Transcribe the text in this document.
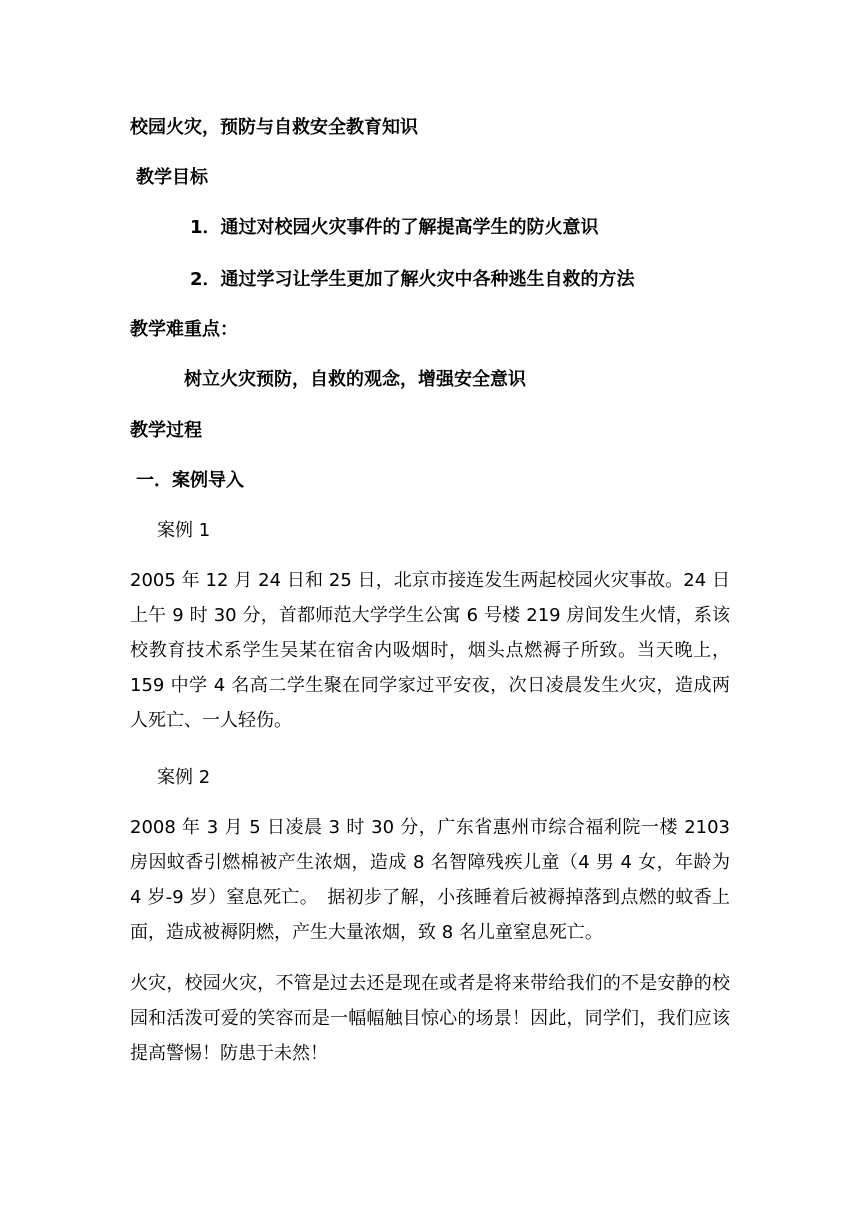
校园火灾，预防与自救安全教育知识
教学目标
1．通过对校园火灾事件的了解提高学生的防火意识
2．通过学习让学生更加了解火灾中各种逃生自救的方法
教学难重点：
树立火灾预防，自救的观念，增强安全意识
教学过程
一．案例导入
案例 1
2005 年 12 月 24 日和 25 日，北京市接连发生两起校园火灾事故。24 日上午 9 时 30 分，首都师范大学学生公寓 6 号楼 219 房间发生火情，系该校教育技术系学生吴某在宿舍内吸烟时，烟头点燃褥子所致。当天晚上，159 中学 4 名高二学生聚在同学家过平安夜，次日凌晨发生火灾，造成两人死亡、一人轻伤。
案例 2
2008 年 3 月 5 日凌晨 3 时 30 分，广东省惠州市综合福利院一楼 2103 房因蚊香引燃棉被产生浓烟，造成 8 名智障残疾儿童（4 男 4 女，年龄为 4 岁-9 岁）窒息死亡。　据初步了解，小孩睡着后被褥掉落到点燃的蚊香上面，造成被褥阴燃，产生大量浓烟，致 8 名儿童窒息死亡。
火灾，校园火灾，不管是过去还是现在或者是将来带给我们的不是安静的校园和活泼可爱的笑容而是一幅幅触目惊心的场景！因此，同学们，我们应该提高警惕！防患于未然！
